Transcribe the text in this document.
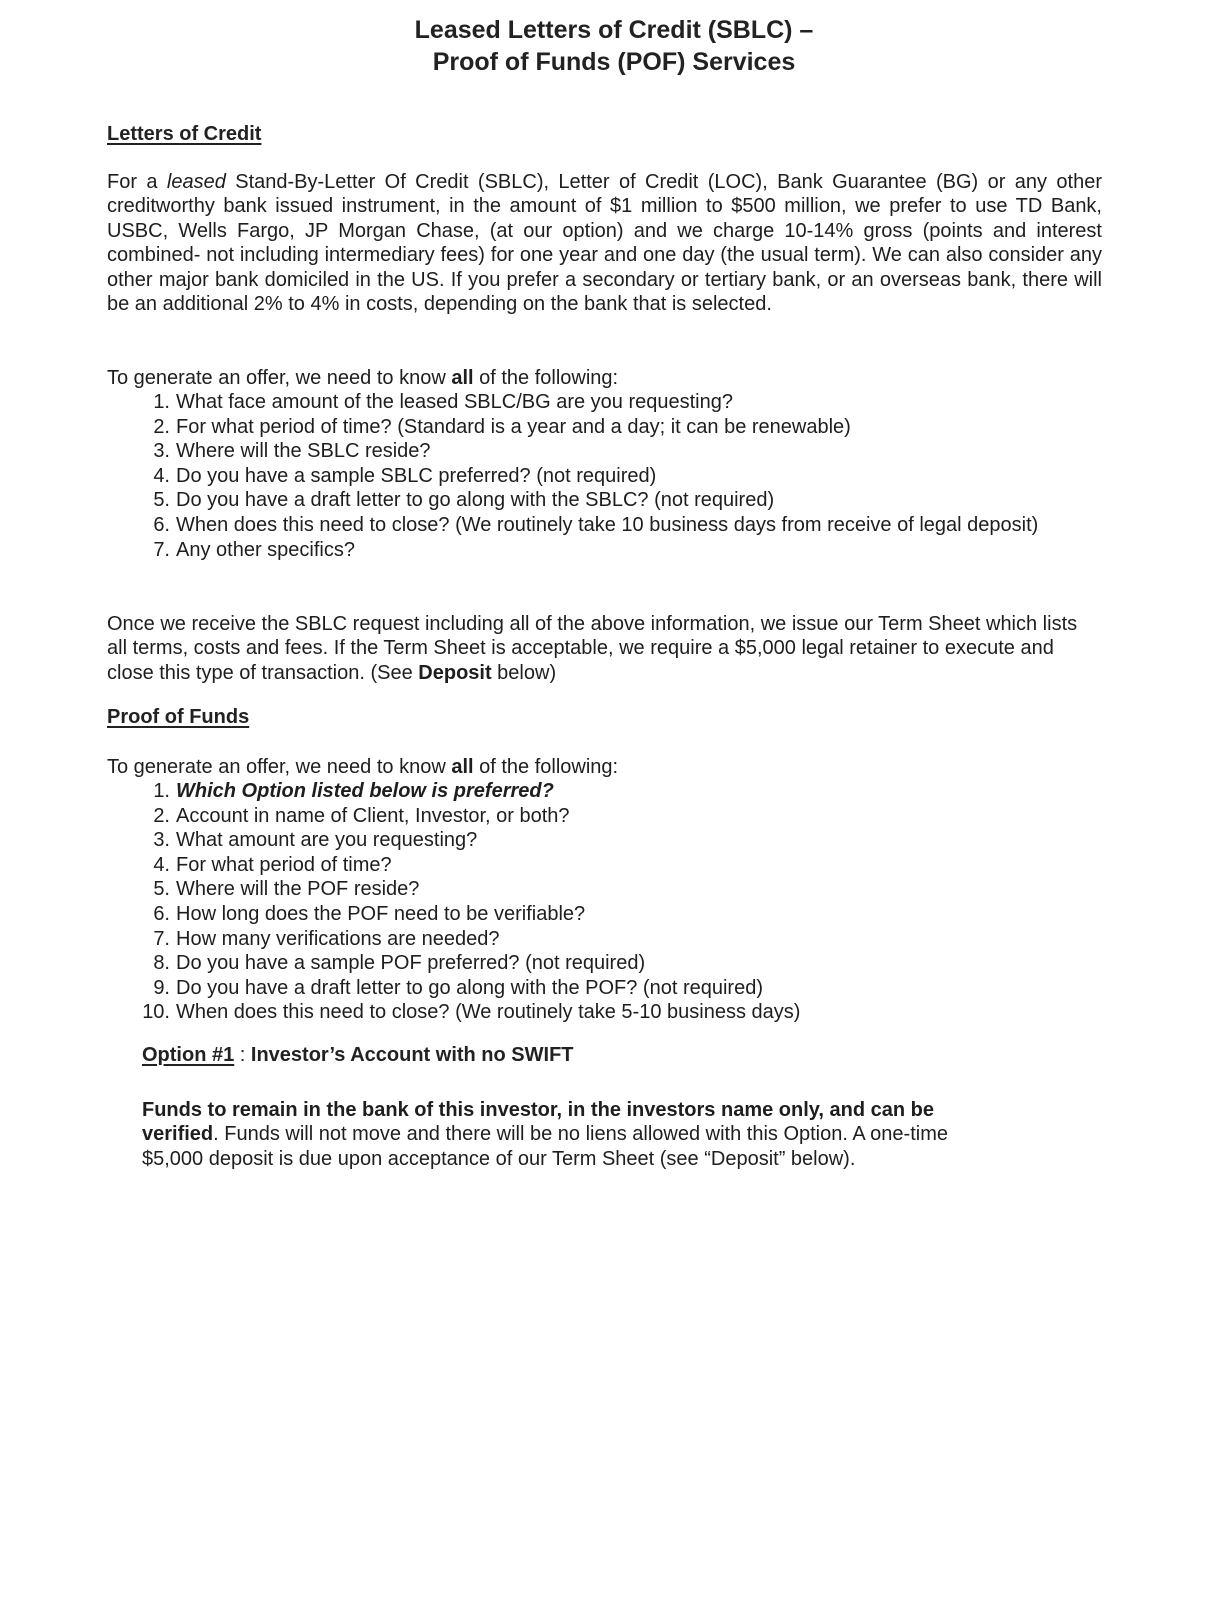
Leased Letters of Credit (SBLC) –
Proof of Funds (POF) Services
Letters of Credit
For a leased Stand-By-Letter Of Credit (SBLC), Letter of Credit (LOC), Bank Guarantee (BG) or any other creditworthy bank issued instrument, in the amount of $1 million to $500 million, we prefer to use TD Bank, USBC, Wells Fargo, JP Morgan Chase, (at our option) and we charge 10-14% gross (points and interest combined- not including intermediary fees) for one year and one day (the usual term). We can also consider any other major bank domiciled in the US. If you prefer a secondary or tertiary bank, or an overseas bank, there will be an additional 2% to 4% in costs, depending on the bank that is selected.
To generate an offer, we need to know all of the following:
1. What face amount of the leased SBLC/BG are you requesting?
2. For what period of time? (Standard is a year and a day; it can be renewable)
3. Where will the SBLC reside?
4. Do you have a sample SBLC preferred? (not required)
5. Do you have a draft letter to go along with the SBLC? (not required)
6. When does this need to close? (We routinely take 10 business days from receive of legal deposit)
7. Any other specifics?
Once we receive the SBLC request including all of the above information, we issue our Term Sheet which lists all terms, costs and fees. If the Term Sheet is acceptable, we require a $5,000 legal retainer to execute and close this type of transaction. (See Deposit below)
Proof of Funds
To generate an offer, we need to know all of the following:
1. Which Option listed below is preferred?
2. Account in name of Client, Investor, or both?
3. What amount are you requesting?
4. For what period of time?
5. Where will the POF reside?
6. How long does the POF need to be verifiable?
7. How many verifications are needed?
8. Do you have a sample POF preferred? (not required)
9. Do you have a draft letter to go along with the POF? (not required)
10. When does this need to close? (We routinely take 5-10 business days)
Option #1 : Investor’s Account with no SWIFT
Funds to remain in the bank of this investor, in the investors name only, and can be verified. Funds will not move and there will be no liens allowed with this Option. A one-time $5,000 deposit is due upon acceptance of our Term Sheet (see “Deposit” below).
